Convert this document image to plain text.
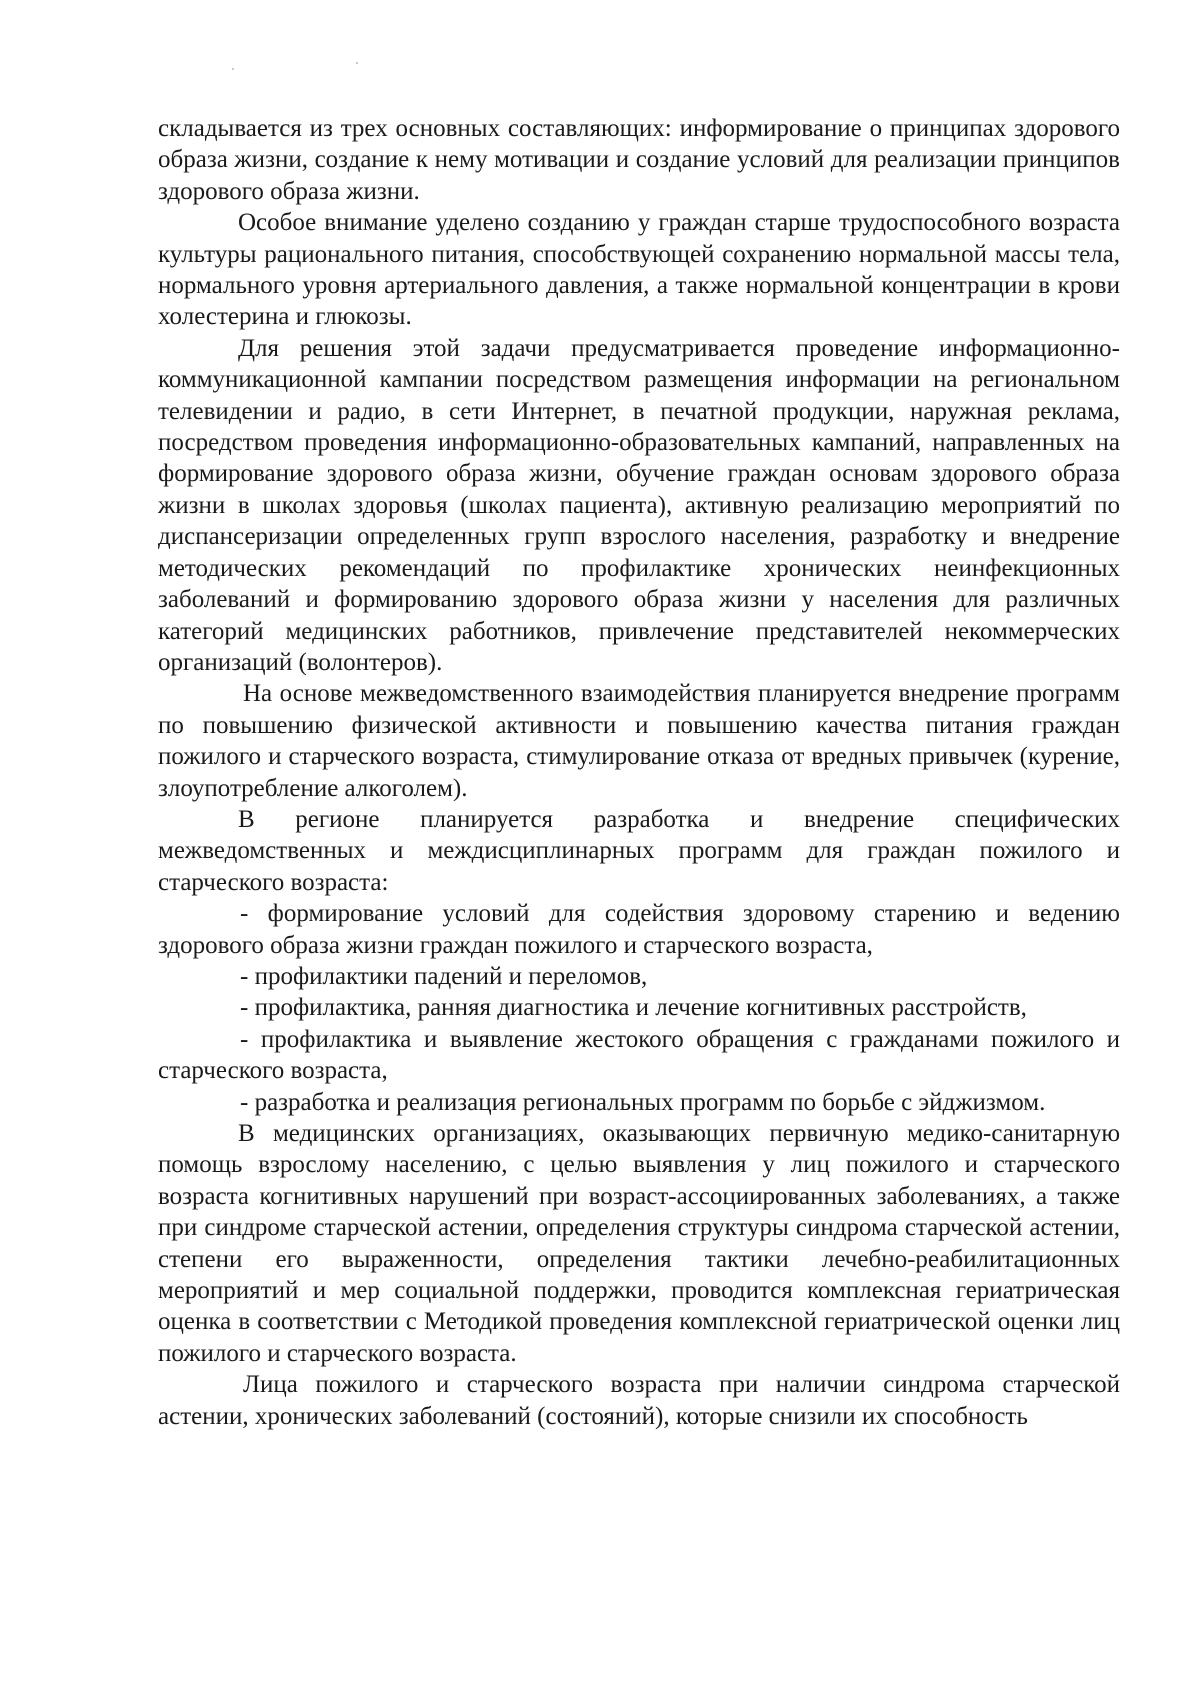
складывается из трех основных составляющих: информирование о принципах здорового образа жизни, создание к нему мотивации и создание условий для реализации принципов здорового образа жизни.

Особое внимание уделено созданию у граждан старше трудоспособного возраста культуры рационального питания, способствующей сохранению нормальной массы тела, нормального уровня артериального давления, а также нормальной концентрации в крови холестерина и глюкозы.

Для решения этой задачи предусматривается проведение информационно-коммуникационной кампании посредством размещения информации на региональном телевидении и радио, в сети Интернет, в печатной продукции, наружная реклама, посредством проведения информационно-образовательных кампаний, направленных на формирование здорового образа жизни, обучение граждан основам здорового образа жизни в школах здоровья (школах пациента), активную реализацию мероприятий по диспансеризации определенных групп взрослого населения, разработку и внедрение методических рекомендаций по профилактике хронических неинфекционных заболеваний и формированию здорового образа жизни у населения для различных категорий медицинских работников, привлечение представителей некоммерческих организаций (волонтеров).

На основе межведомственного взаимодействия планируется внедрение программ по повышению физической активности и повышению качества питания граждан пожилого и старческого возраста, стимулирование отказа от вредных привычек (курение, злоупотребление алкоголем).

В регионе планируется разработка и внедрение специфических межведомственных и междисциплинарных программ для граждан пожилого и старческого возраста:

- формирование условий для содействия здоровому старению и ведению здорового образа жизни граждан пожилого и старческого возраста,

- профилактики падений и переломов,

- профилактика, ранняя диагностика и лечение когнитивных расстройств,

- профилактика и выявление жестокого обращения с гражданами пожилого и старческого возраста,

- разработка и реализация региональных программ по борьбе с эйджизмом.

В медицинских организациях, оказывающих первичную медико-санитарную помощь взрослому населению, с целью выявления у лиц пожилого и старческого возраста когнитивных нарушений при возраст-ассоциированных заболеваниях, а также при синдроме старческой астении, определения структуры синдрома старческой астении, степени его выраженности, определения тактики лечебно-реабилитационных мероприятий и мер социальной поддержки, проводится комплексная гериатрическая оценка в соответствии с Методикой проведения комплексной гериатрической оценки лиц пожилого и старческого возраста.

Лица пожилого и старческого возраста при наличии синдрома старческой астении, хронических заболеваний (состояний), которые снизили их способность
